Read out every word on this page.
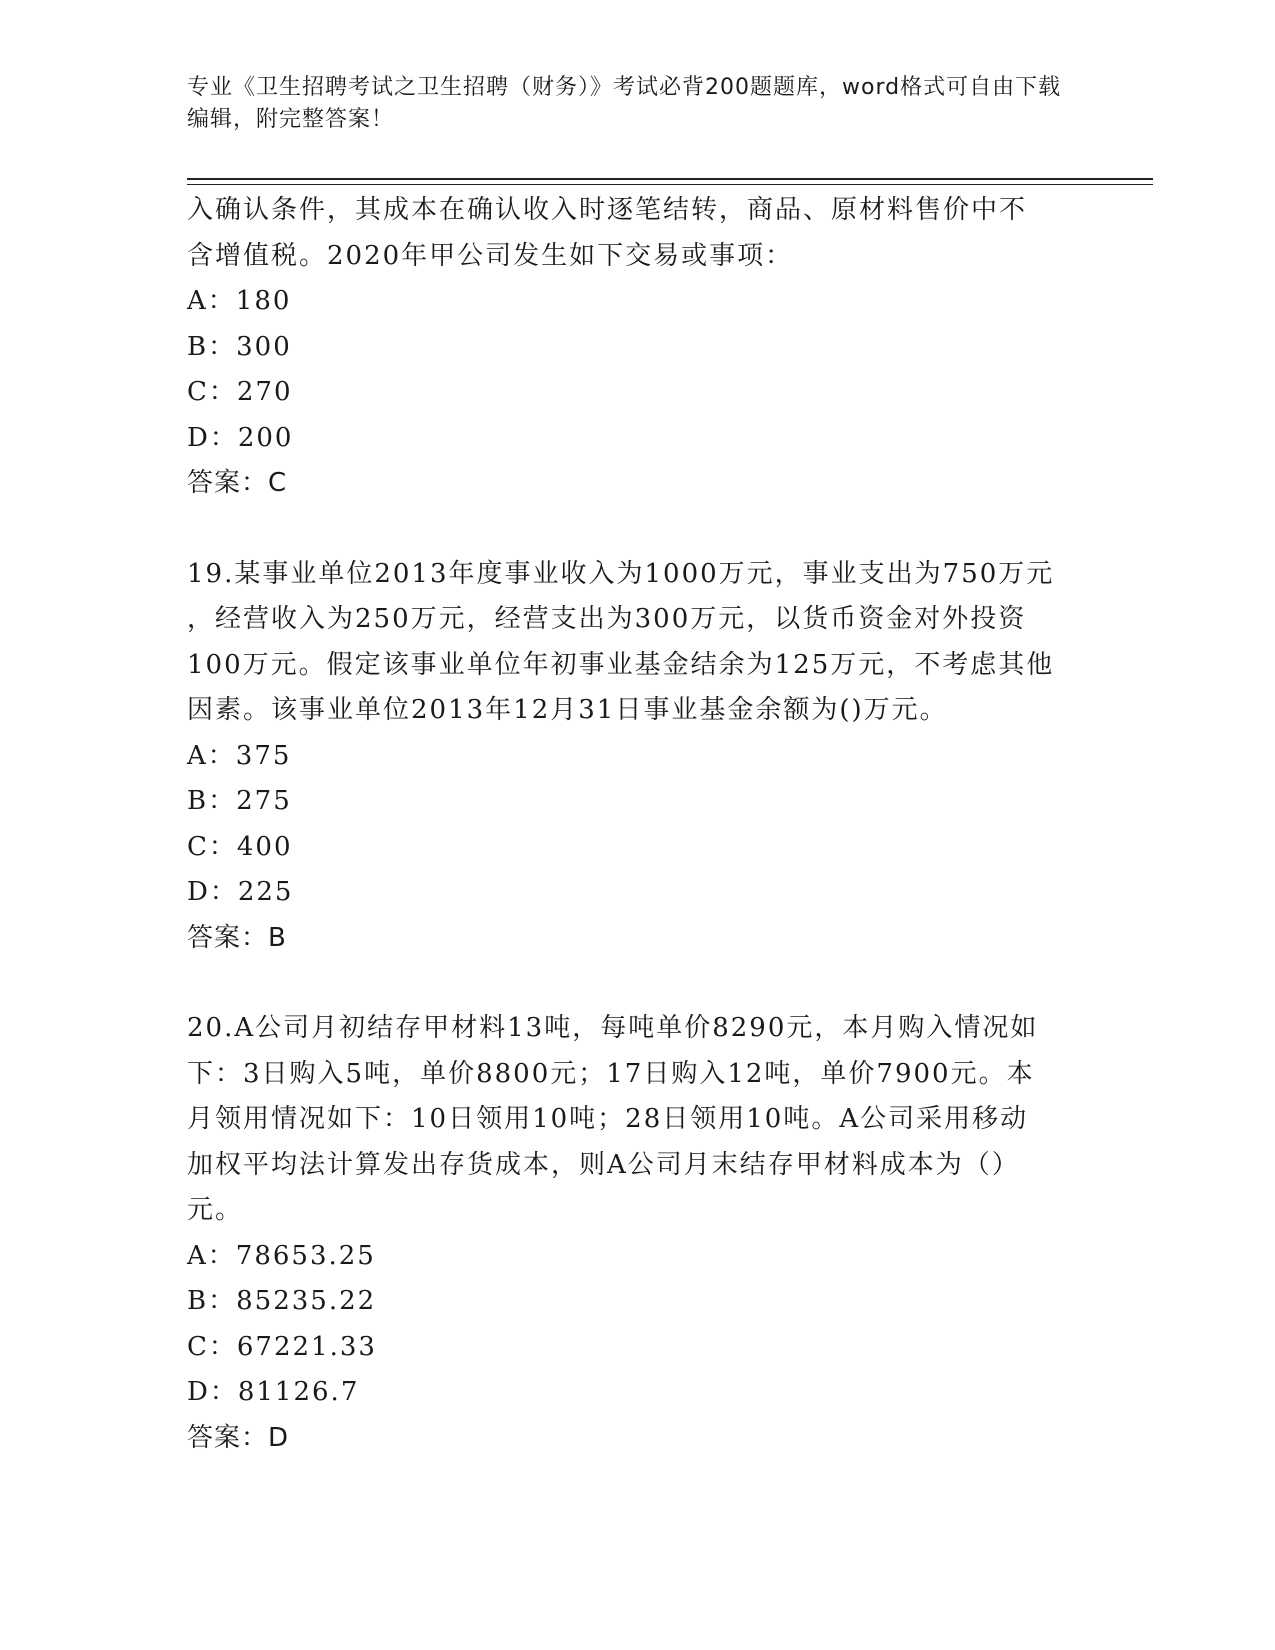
专业《卫生招聘考试之卫生招聘（财务）》考试必背200题题库，word格式可自由下载编辑，附完整答案！

入确认条件，其成本在确认收入时逐笔结转，商品、原材料售价中不

含增值税。2020年甲公司发生如下交易或事项：

A：180

B：300

C：270

D：200

答案：C

19.某事业单位2013年度事业收入为1000万元，事业支出为750万元

，经营收入为250万元，经营支出为300万元，以货币资金对外投资

100万元。假定该事业单位年初事业基金结余为125万元，不考虑其他

因素。该事业单位2013年12月31日事业基金余额为()万元。

A：375

B：275

C：400

D：225

答案：B

20.A公司月初结存甲材料13吨，每吨单价8290元，本月购入情况如

下：3日购入5吨，单价8800元；17日购入12吨，单价7900元。本

月领用情况如下：10日领用10吨；28日领用10吨。A公司采用移动

加权平均法计算发出存货成本，则A公司月末结存甲材料成本为（）

元。

A：78653.25

B：85235.22

C：67221.33

D：81126.7

答案：D
